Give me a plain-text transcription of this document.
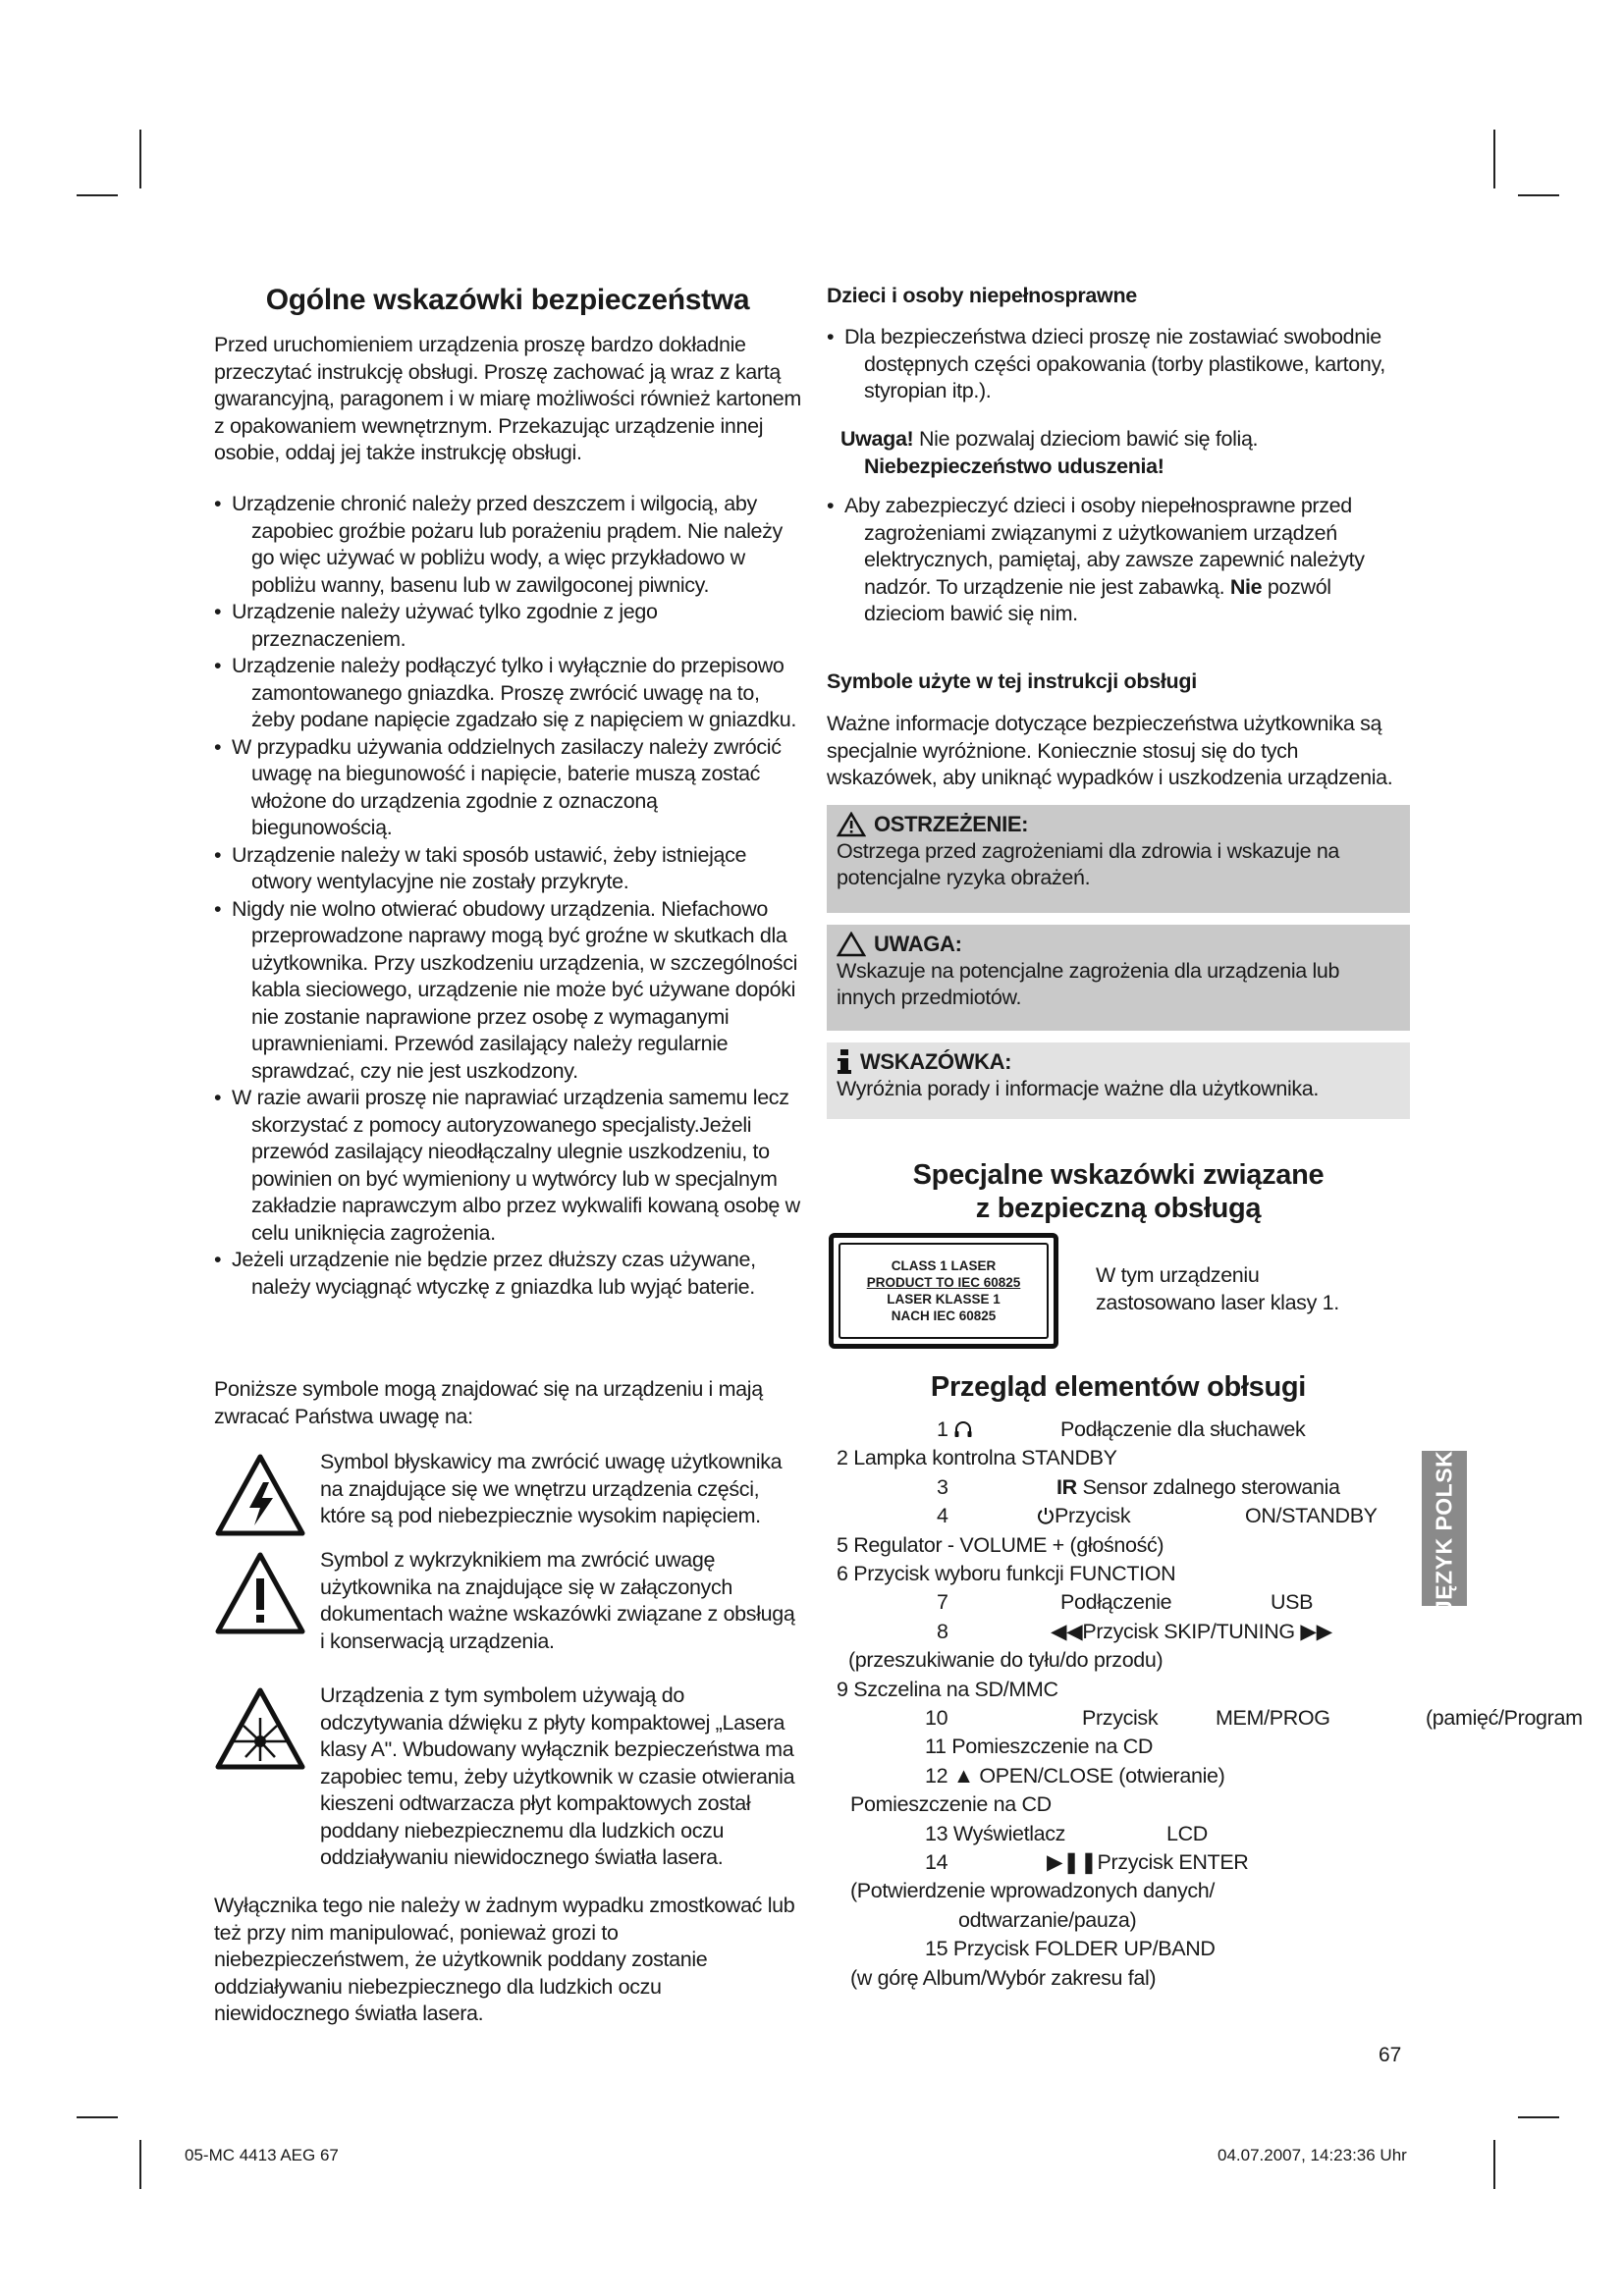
Ogólne wskazówki bezpieczeństwa

Przed uruchomieniem urządzenia proszę bardzo dokładnie przeczytać instrukcję obsługi. Proszę zachować ją wraz z kartą gwarancyjną, paragonem i w miarę możliwości również kartonem z opakowaniem wewnętrznym. Przekazując urządzenie innej osobie, oddaj jej także instrukcję obsługi.

• Urządzenie chronić należy przed deszczem i wilgocią, aby zapobiec groźbie pożaru lub porażeniu prądem. Nie należy go więc używać w pobliżu wody, a więc przykładowo w pobliżu wanny, basenu lub w zawilgoconej piwnicy.
• Urządzenie należy używać tylko zgodnie z jego przeznaczeniem.
• Urządzenie należy podłączyć tylko i wyłącznie do przepisowo zamontowanego gniazdka. Proszę zwrócić uwagę na to, żeby podane napięcie zgadzało się z napięciem w gniazdku.
• W przypadku używania oddzielnych zasilaczy należy zwrócić uwagę na biegunowość i napięcie, baterie muszą zostać włożone do urządzenia zgodnie z oznaczoną biegunowością.
• Urządzenie należy w taki sposób ustawić, żeby istniejące otwory wentylacyjne nie zostały przykryte.
• Nigdy nie wolno otwierać obudowy urządzenia. Niefachowo przeprowadzone naprawy mogą być groźne w skutkach dla użytkownika. Przy uszkodzeniu urządzenia, w szczególności kabla sieciowego, urządzenie nie może być używane dopóki nie zostanie naprawione przez osobę z wymaganymi uprawnieniami. Przewód zasilający należy regularnie sprawdzać, czy nie jest uszkodzony.
• W razie awarii proszę nie naprawiać urządzenia samemu lecz skorzystać z pomocy autoryzowanego specjalisty.Jeżeli przewód zasilający nieodłączalny ulegnie uszkodzeniu, to powinien on być wymieniony u wytwórcy lub w specjalnym zakładzie naprawczym albo przez wykwalifi kowaną osobę w celu uniknięcia zagrożenia.
• Jeżeli urządzenie nie będzie przez dłuższy czas używane, należy wyciągnąć wtyczkę z gniazdka lub wyjąć baterie.

Poniższe symbole mogą znajdować się na urządzeniu i mają zwracać Państwa uwagę na:

Symbol błyskawicy ma zwrócić uwagę użytkownika na znajdujące się we wnętrzu urządzenia części, które są pod niebezpiecznie wysokim napięciem.
Symbol z wykrzyknikiem ma zwrócić uwagę użytkownika na znajdujące się w załączonych dokumentach ważne wskazówki związane z obsługą i konserwacją urządzenia.
Urządzenia z tym symbolem używają do odczytywania dźwięku z płyty kompaktowej „Lasera klasy A". Wbudowany wyłącznik bezpieczeństwa ma zapobiec temu, żeby użytkownik w czasie otwierania kieszeni odtwarzacza płyt kompaktowych został poddany niebezpiecznemu dla ludzkich oczu oddziaływaniu niewidocznego światła lasera.

Wyłącznika tego nie należy w żadnym wypadku zmostkować lub też przy nim manipulować, ponieważ grozi to niebezpieczeństwem, że użytkownik poddany zostanie oddziaływaniu niebezpiecznego dla ludzkich oczu niewidocznego światła lasera.

Dzieci i osoby niepełnosprawne
• Dla bezpieczeństwa dzieci proszę nie zostawiać swobodnie dostępnych części opakowania (torby plastikowe, kartony, styropian itp.).
Uwaga! Nie pozwalaj dzieciom bawić się folią.
Niebezpieczeństwo uduszenia!
• Aby zabezpieczyć dzieci i osoby niepełnosprawne przed zagrożeniami związanymi z użytkowaniem urządzeń elektrycznych, pamiętaj, aby zawsze zapewnić należyty nadzór. To urządzenie nie jest zabawką. Nie pozwól dzieciom bawić się nim.
Symbole użyte w tej instrukcji obsługi

Ważne informacje dotyczące bezpieczeństwa użytkownika są specjalnie wyróżnione. Koniecznie stosuj się do tych wskazówek, aby uniknąć wypadków i uszkodzenia urządzenia.

OSTRZEŻENIE:
Ostrzega przed zagrożeniami dla zdrowia i wskazuje na potencjalne ryzyka obrażeń.
UWAGA:
Wskazuje na potencjalne zagrożenia dla urządzenia lub innych przedmiotów.
WSKAZÓWKA:
Wyróżnia porady i informacje ważne dla użytkownika.
Specjalne wskazówki związane
z bezpieczną obsługą
CLASS 1 LASER
PRODUCT TO IEC 60825
LASER KLASSE 1
NACH IEC 60825
W tym urządzeniu zastosowano laser klasy 1.
Przegląd elementów obłsugi
1	Podłączenie dla słuchawek
2 Lampka kontrolna STANDBY
3	IR Sensor zdalnego sterowania
4	Przycisk	ON/STANDBY
5 Regulator - VOLUME + (głośność)
6 Przycisk wyboru funkcji FUNCTION
7	Podłączenie	USB
8	◀◀Przycisk SKIP/TUNING ▶▶
(przeszukiwanie do tyłu/do przodu)
9 Szczelina na SD/MMC
10	Przycisk	MEM/PROG	(pamięć/Program
11 Pomieszczenie na CD
12 ▲ OPEN/CLOSE (otwieranie)
Pomieszczenie na CD
13 Wyświetlacz	LCD
14	▶❚❚Przycisk ENTER
(Potwierdzenie wprowadzonych danych/
odtwarzanie/pauza)
15 Przycisk FOLDER UP/BAND
(w górę Album/Wybór zakresu fal)
JĘZYK POLSKI
67
05-MC 4413 AEG 67	04.07.2007, 14:23:36 Uhr
